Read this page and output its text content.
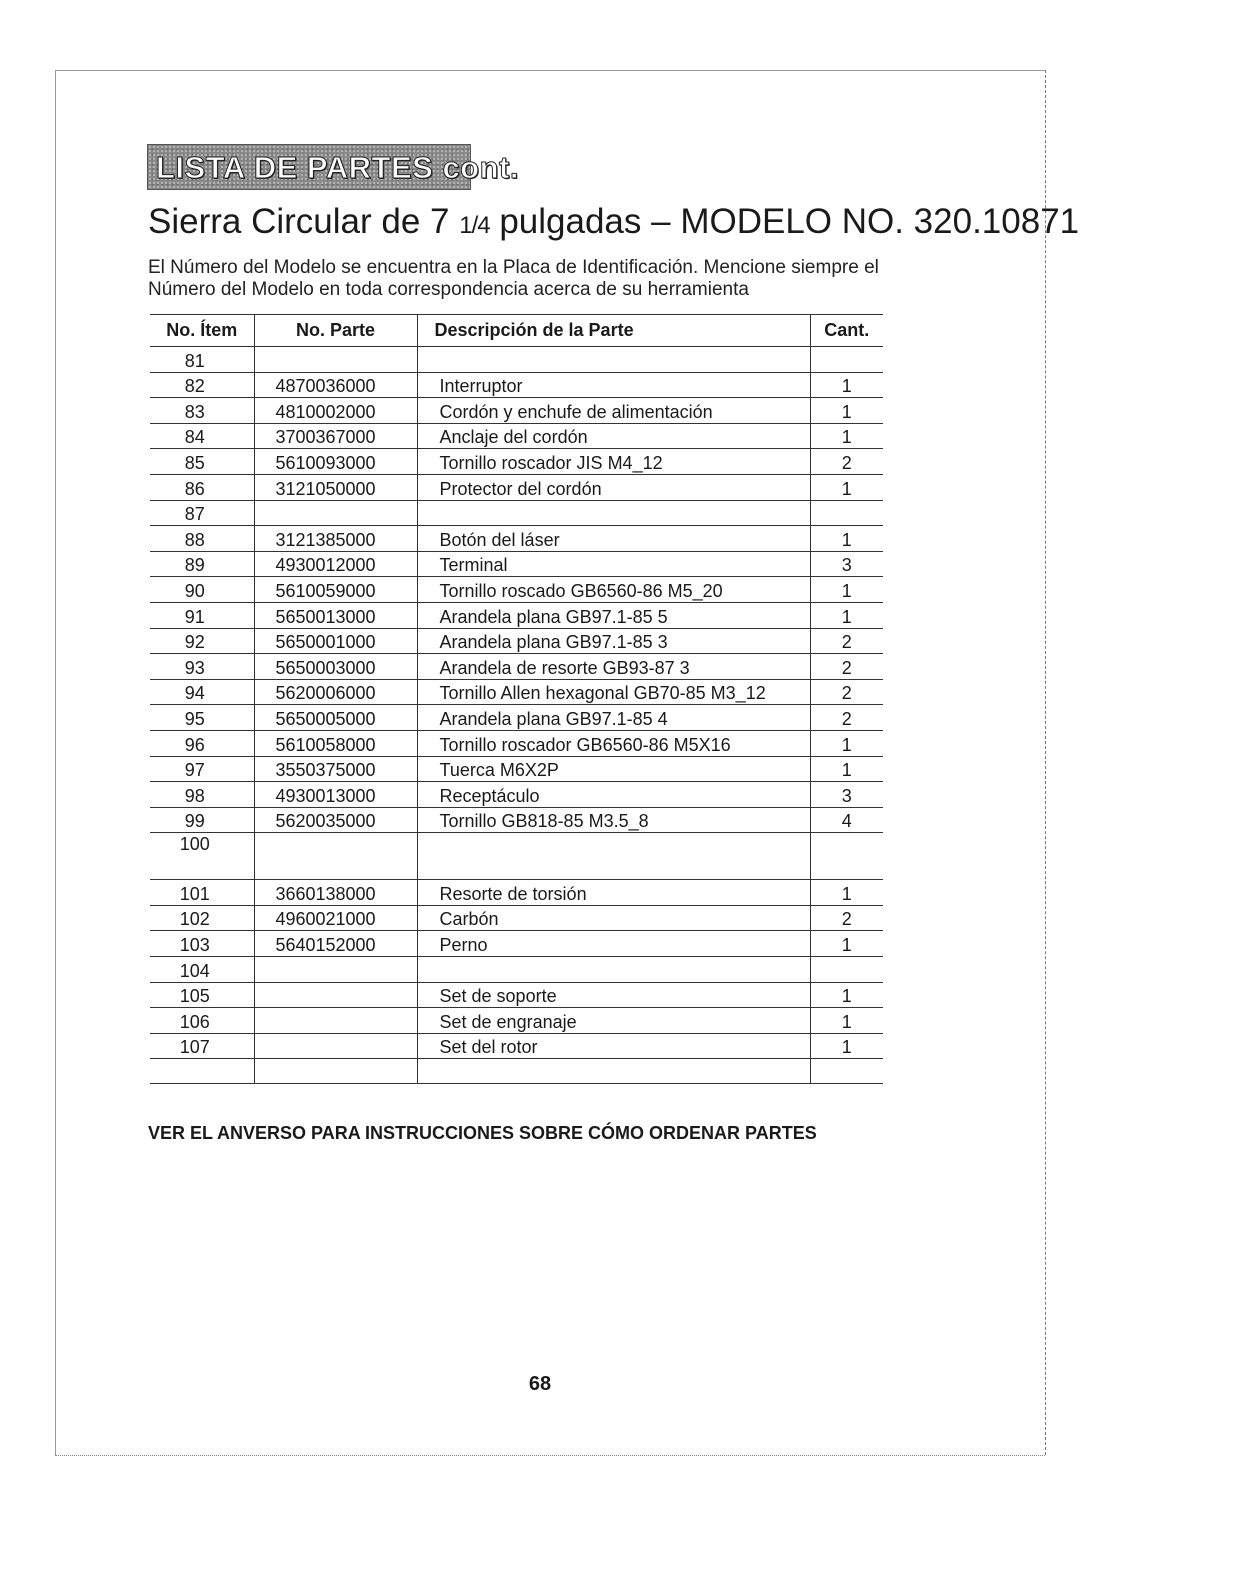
LISTA DE PARTES cont.
Sierra Circular de 7 1/4 pulgadas – MODELO NO. 320.10871
El Número del Modelo se encuentra en la Placa de Identificación. Mencione siempre el Número del Modelo en toda correspondencia acerca de su herramienta
No. Ítem	No. Parte	Descripción de la Parte	Cant.
81			
82	4870036000	Interruptor	1
83	4810002000	Cordón y enchufe de alimentación	1
84	3700367000	Anclaje del cordón	1
85	5610093000	Tornillo roscador JIS M4_12	2
86	3121050000	Protector del cordón	1
87			
88	3121385000	Botón del láser	1
89	4930012000	Terminal	3
90	5610059000	Tornillo roscado GB6560-86 M5_20	1
91	5650013000	Arandela plana GB97.1-85 5	1
92	5650001000	Arandela plana GB97.1-85 3	2
93	5650003000	Arandela de resorte GB93-87 3	2
94	5620006000	Tornillo Allen hexagonal GB70-85 M3_12	2
95	5650005000	Arandela plana GB97.1-85 4	2
96	5610058000	Tornillo roscador GB6560-86 M5X16	1
97	3550375000	Tuerca M6X2P	1
98	4930013000	Receptáculo	3
99	5620035000	Tornillo GB818-85 M3.5_8	4
100			
101	3660138000	Resorte de torsión	1
102	4960021000	Carbón	2
103	5640152000	Perno	1
104			
105		Set de soporte	1
106		Set de engranaje	1
107		Set del rotor	1

VER EL ANVERSO PARA INSTRUCCIONES SOBRE CÓMO ORDENAR PARTES
68
